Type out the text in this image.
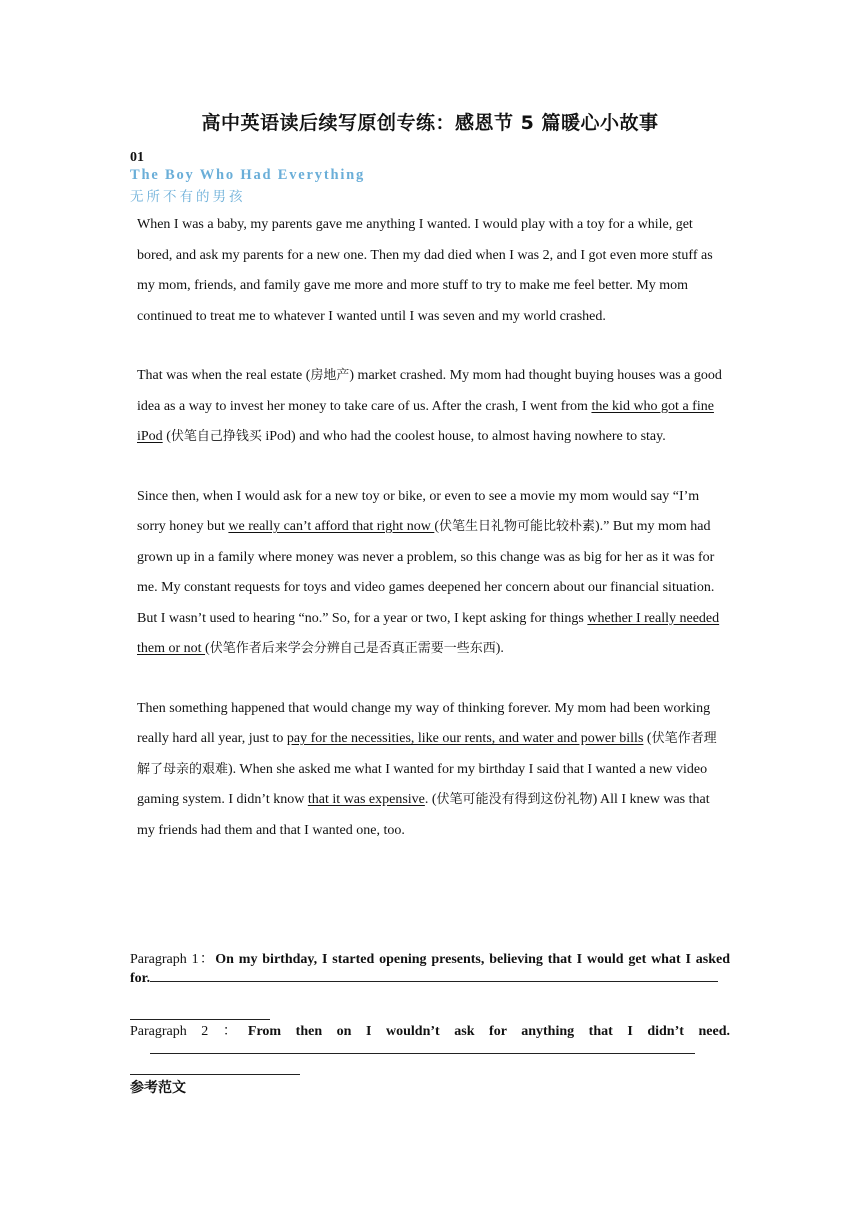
高中英语读后续写原创专练：感恩节 5 篇暖心小故事
01
The Boy Who Had Everything
无所不有的男孩

When I was a baby, my parents gave me anything I wanted. I would play with a toy for a while, get bored, and ask my parents for a new one. Then my dad died when I was 2, and I got even more stuff as my mom, friends, and family gave me more and more stuff to try to make me feel better. My mom continued to treat me to whatever I wanted until I was seven and my world crashed.

That was when the real estate (房地产) market crashed. My mom had thought buying houses was a good idea as a way to invest her money to take care of us. After the crash, I went from the kid who got a fine iPod (伏笔自己挣钱买 iPod) and who had the coolest house, to almost having nowhere to stay.

Since then, when I would ask for a new toy or bike, or even to see a movie my mom would say “I’m sorry honey but we really can’t afford that right now (伏笔生日礼物可能比较朴素).” But my mom had grown up in a family where money was never a problem, so this change was as big for her as it was for me. My constant requests for toys and video games deepened her concern about our financial situation. But I wasn’t used to hearing “no.” So, for a year or two, I kept asking for things whether I really needed them or not (伏笔作者后来学会分辨自己是否真正需要一些东西).

Then something happened that would change my way of thinking forever. My mom had been working really hard all year, just to pay for the necessities, like our rents, and water and power bills (伏笔作者理解了母亲的艰难). When she asked me what I wanted for my birthday I said that I wanted a new video gaming system. I didn’t know that it was expensive. (伏笔可能没有得到这份礼物) All I knew was that my friends had them and that I wanted one, too.

Paragraph 1：On my birthday, I started opening presents, believing that I would get what I asked for.
Paragraph 2 ：From then on I wouldn’t ask for anything that I didn’t need.
参考范文
